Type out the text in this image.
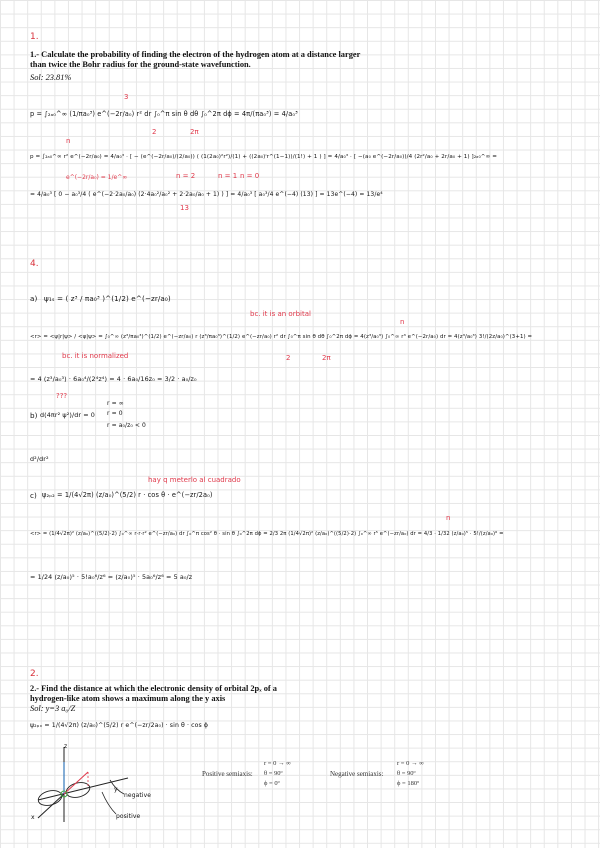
1.
1.- Calculate the probability of finding the electron of the hydrogen atom at a distance larger than twice the Bohr radius for the ground-state wavefunction.
Sol: 23.81%
3
p = ∫₂ₐ₀^∞ (1/πa₀³) e^(−2r/a₀) r² dr ∫₀^π sin θ dθ ∫₀^2π dϕ = 4π/(πa₀³) = 4/a₀³
2	2π
n
p = ∫₂ₐ₀^∞ r² e^(−2r/a₀) = 4/a₀³ · [ − (e^(−2r/a₀)/(2/a₀)) ( (1(2a₀)²r²)/(1) + ((2a₀)ⁱr^(1−1))/(1!) + 1 ) ] = 4/a₀³ · [ −(a₀ e^(−2r/a₀))/4 (2r²/a₀ + 2r/a₀ + 1) ]₂ₐ₀^∞ =
n = 2	n = 1 n = 0
e^(−2r/a₀) = 1/e^∞
= 4/a₀³ [ 0 − a₀³/4 ( e^(−2·2a₀/a₀) (2·4a₀²/a₀² + 2·2a₀/a₀ + 1) ) ] = 4/a₀³ [ a₀³/4 e^(−4) (13) ] = 13e^(−4) = 13/e⁴
13
4.
a) ψ₁ₛ = ( z³ / πa₀³ )^(1/2) e^(−zr/a₀)
bc. it is an orbital
n
<r> = <ψ|r|ψ> / <ψ|ψ> = ∫₀^∞ (z³/πa₀³)^(1/2) e^(−zr/a₀) r (z³/πa₀³)^(1/2) e^(−zr/a₀) r² dr ∫₀^π sin θ dθ ∫₀^2π dϕ = 4(z³/a₀³) ∫₀^∞ r³ e^(−2r/a₀) dr = 4(z³/a₀³) 3!/(2z/a₀)^(3+1) =
bc. it is normalized	2	2π
= 4 (z³/a₀³) · 6a₀⁴/(2⁴z⁴) = 4 · 6a₀/16z₀ = 3/2 · a₀/z₀
???
b) d(4πr² ψ²)/dr = 0
r = ∞
r = 0
r = a₀/z₀ < 0
d²/dr²
hay q meterlo al cuadrado
c) ψ₂ₚ₂ = 1/(4√2π) (z/a₀)^(5/2) r · cos θ · e^(−zr/2a₀)
n
<r> = (1/4√2π)² (z/a₀)^((5/2)·2) ∫₀^∞ r·r·r² e^(−zr/a₀) dr ∫₀^π cos² θ · sin θ ∫₀^2π dϕ = 2/3 2π (1/4√2π)² (z/a₀)^((5/2)·2) ∫₀^∞ r⁵ e^(−zr/a₀) dr = 4/3 · 1/32 (z/a₀)⁵ · 5!/(z/a₀)⁶ =
= 1/24 (z/a₀)⁵ · 5!a₀⁶/z⁶ = (z/a₀)⁵ · 5a₀⁶/z⁶ = 5 a₀/z
2.
2.- Find the distance at which the electronic density of orbital 2pₓ of a hydrogen-like atom shows a maximum along the y axis
Sol: y=3 a₀/Z
ψ₂ₚₓ = 1/(4√2π) (z/a₀)^(5/2) r e^(−zr/2a₀) · sin θ · cos ϕ
z
y
x
negative
positive
Positive semiaxis:
r = 0 → ∞
θ = 90º
ϕ = 0º
Negative semiaxis:
r = 0 → ∞
θ = 90º
ϕ = 180º
